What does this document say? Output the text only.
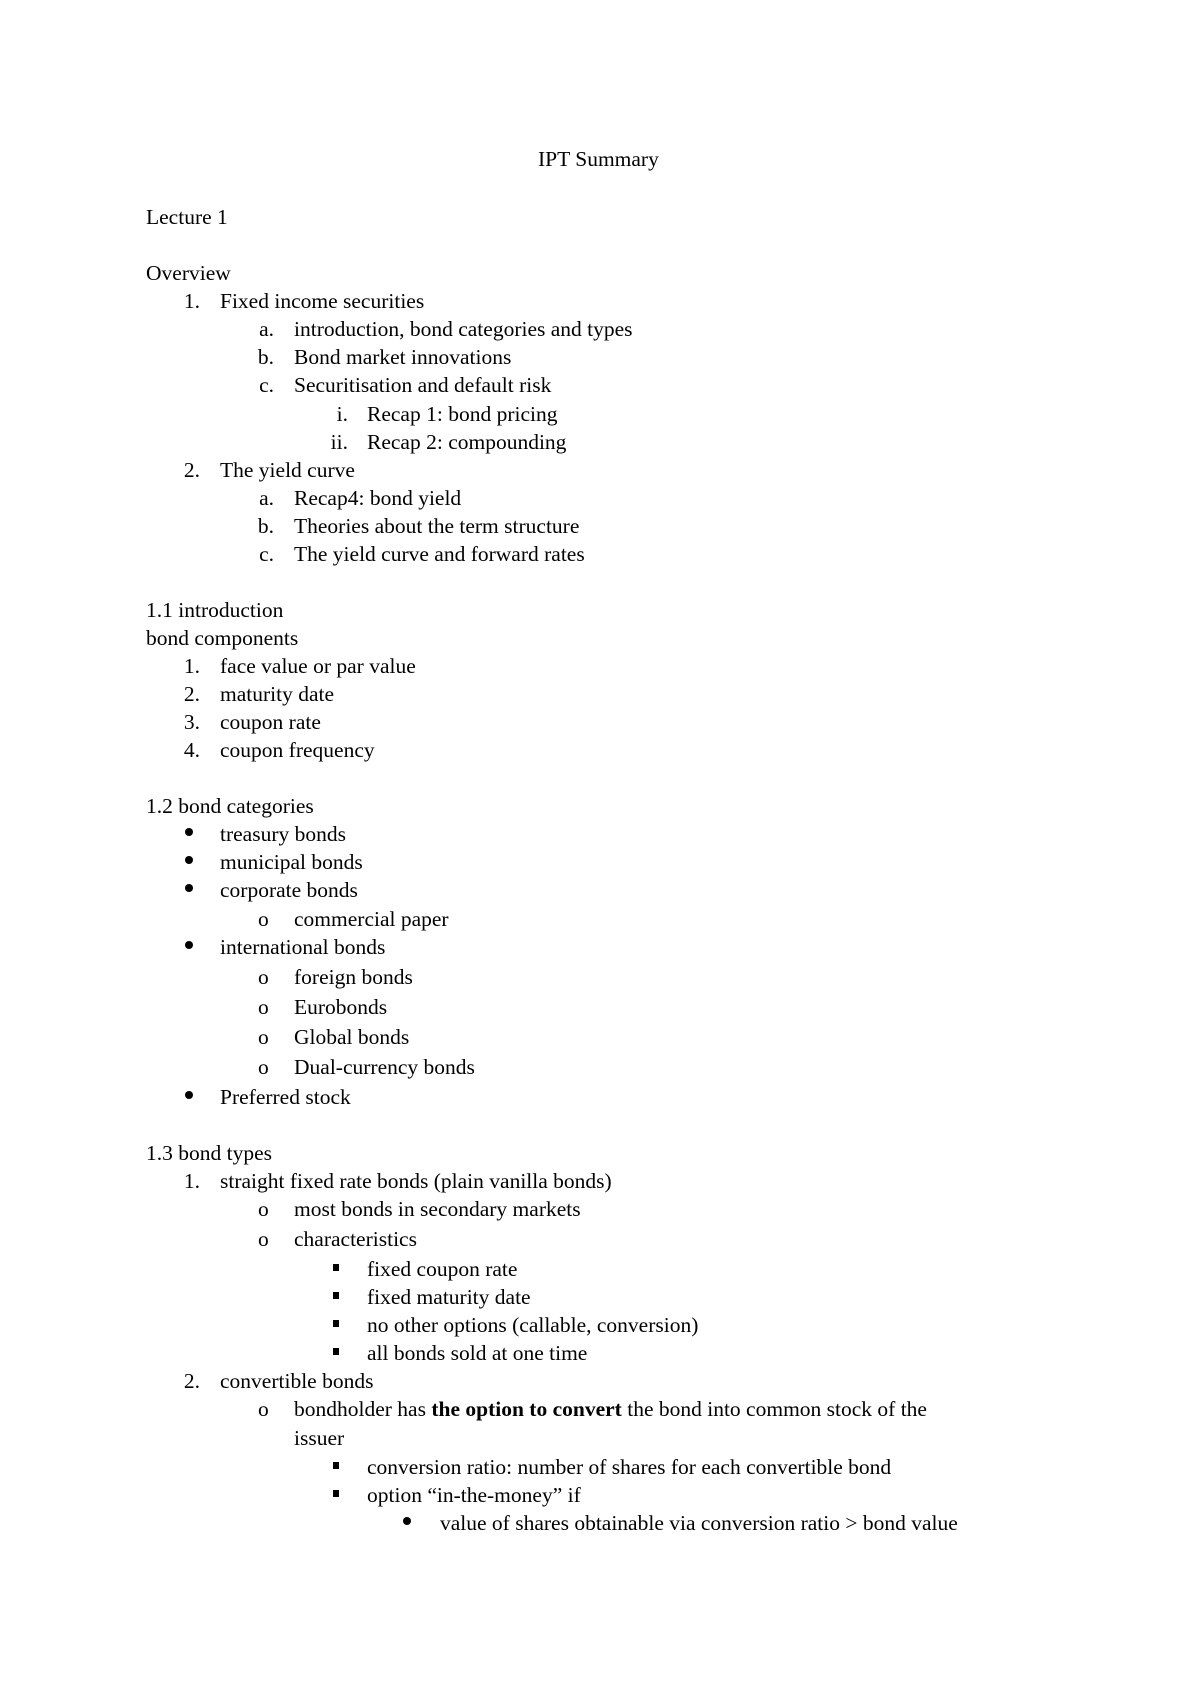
IPT Summary
Lecture 1
Overview
1. Fixed income securities
a. introduction, bond categories and types
b. Bond market innovations
c. Securitisation and default risk
i. Recap 1: bond pricing
ii. Recap 2: compounding
2. The yield curve
a. Recap4: bond yield
b. Theories about the term structure
c. The yield curve and forward rates
1.1 introduction
bond components
1. face value or par value
2. maturity date
3. coupon rate
4. coupon frequency
1.2 bond categories
treasury bonds
municipal bonds
corporate bonds
o commercial paper
international bonds
o foreign bonds
o Eurobonds
o Global bonds
o Dual-currency bonds
Preferred stock
1.3 bond types
1. straight fixed rate bonds (plain vanilla bonds)
o most bonds in secondary markets
o characteristics
fixed coupon rate
fixed maturity date
no other options (callable, conversion)
all bonds sold at one time
2. convertible bonds
o bondholder has the option to convert the bond into common stock of the
issuer
conversion ratio: number of shares for each convertible bond
option “in-the-money” if
value of shares obtainable via conversion ratio > bond value
